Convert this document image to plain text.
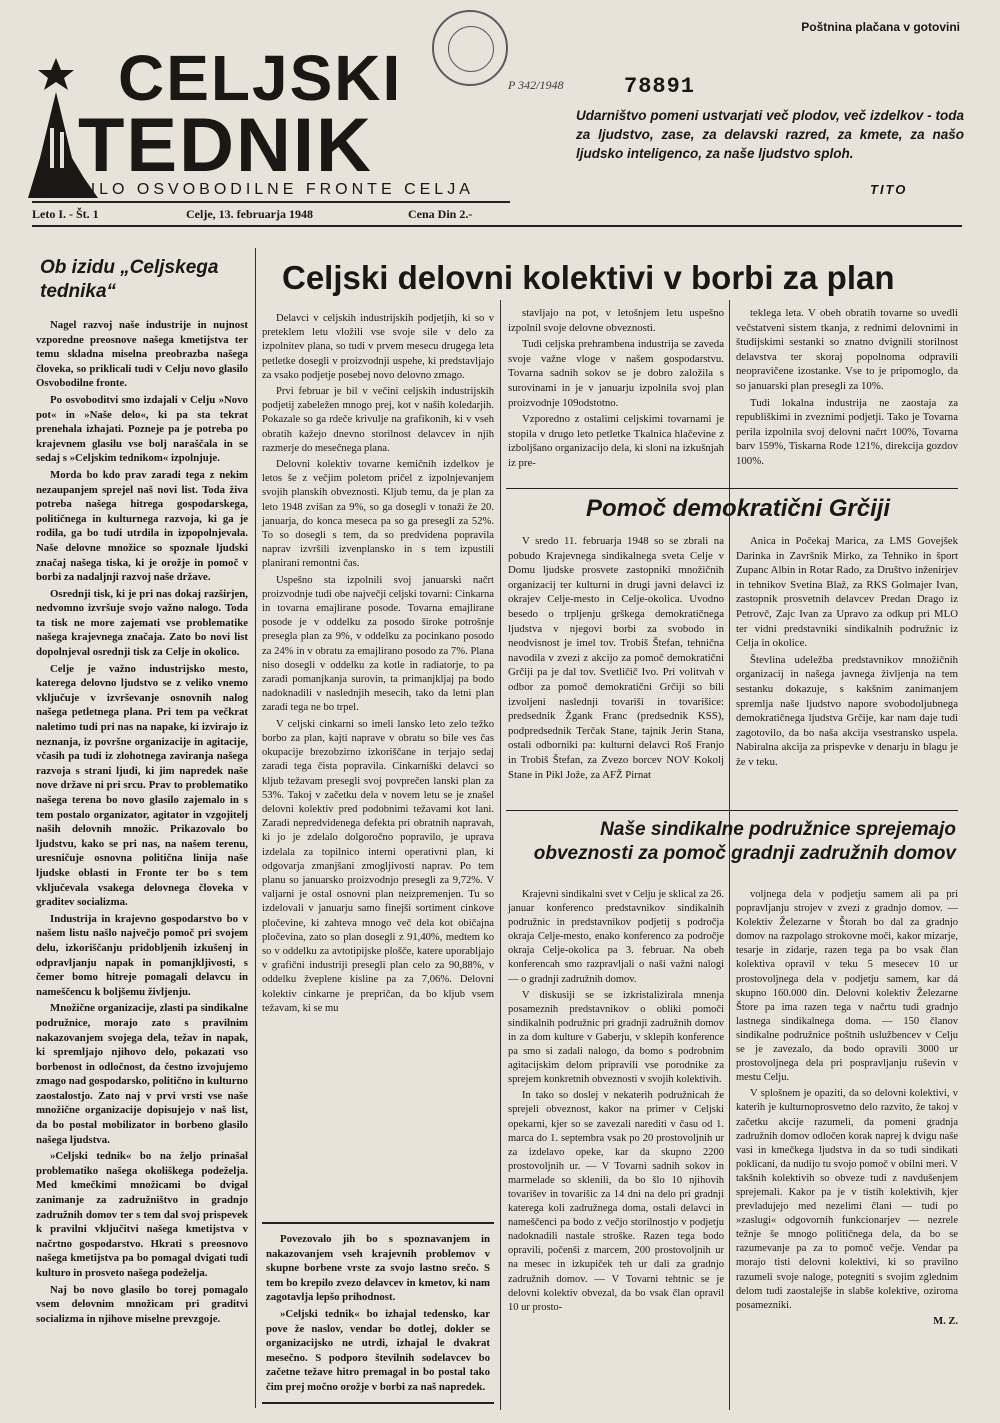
Poštnina plačana v gotovini
P 342/1948	78891
CELJSKI
TEDNIK
GLASILO OSVOBODILNE FRONTE CELJA
Udarništvo pomeni ustvarjati več plodov, več izdelkov - toda za ljudstvo, zase, za delavski razred, za kmete, za našo ljudsko inteligenco, za naše ljudstvo sploh.
TITO
Leto I. - Št. 1	Celje, 13. februarja 1948	Cena Din 2.-
Ob izidu „Celjskega tednika“

Nagel razvoj naše industrije in nujnost vzporedne preosnove našega kmetijstva ter temu skladna miselna preobrazba našega človeka, so priklicali tudi v Celju novo glasilo Osvobodilne fronte.

Po osvoboditvi smo izdajali v Celju »Novo pot« in »Naše delo«, ki pa sta tekrat prenehala izhajati. Pozneje pa je potreba po krajevnem glasilu vse bolj naraščala in se sedaj s »Celjskim tednikom« izpolnjuje.

Morda bo kdo prav zaradi tega z nekim nezaupanjem sprejel naš novi list. Toda živa potreba našega hitrega gospodarskega, političnega in kulturnega razvoja, ki ga je rodila, ga bo tudi utrdila in izpopolnjevala. Naše delovne množice so spoznale ljudski značaj našega tiska, ki je orožje in pomoč v borbi za nadaljnji razvoj naše države.

Osrednji tisk, ki je pri nas dokaj razširjen, nedvomno izvršuje svojo važno nalogo. Toda ta tisk ne more zajemati vse problematike našega krajevnega značaja. Zato bo novi list dopolnjeval osrednji tisk za Celje in okolico.

Celje je važno industrijsko mesto, katerega delovno ljudstvo se z veliko vnemo vključuje v izvrševanje osnovnih nalog našega petletnega plana. Pri tem pa večkrat naletimo tudi pri nas na napake, ki izvirajo iz neznanja, iz površne organizacije in agitacije, včasih pa tudi iz zlohotnega zaviranja našega razvoja s strani ljudi, ki jim napredek naše nove države ni pri srcu. Prav to problematiko našega terena bo novo glasilo zajemalo in s tem postalo organizator, agitator in vzgojitelj naših delovnih množic. Prikazovalo bo ljudstvu, kako se pri nas, na našem terenu, uresničuje osnovna politična linija naše ljudske oblasti in Fronte ter bo s tem vključevala vsakega delovnega človeka v graditev socializma.

Industrija in krajevno gospodarstvo bo v našem listu našlo največjo pomoč pri svojem delu, izkoriščanju pridobljenih izkušenj in odpravljanju napak in pomanjkljivosti, s čemer bomo hitreje pomagali delavcu in nameščencu k boljšemu življenju.

Množične organizacije, zlasti pa sindikalne podružnice, morajo zato s pravilnim nakazovanjem svojega dela, težav in napak, ki spremljajo njihovo delo, pokazati vso borbenost in odločnost, da čestno izvojujemo zmago nad gospodarsko, politično in kulturno zaostalostjo. Zato naj v prvi vrsti vse naše množične organizacije dopisujejo v naš list, da bo postal mobilizator in borbeno glasilo našega ljudstva.

»Celjski tednik« bo na željo prinašal problematiko našega okoliškega podeželja. Med kmečkimi množicami bo dvigal zanimanje za zadružništvo in gradnjo zadružnih domov ter s tem dal svoj prispevek k pravilni vključitvi našega kmetijstva v načrtno gospodarstvo. Hkrati s preosnovo našega kmetijstva pa bo pomagal dvigati tudi kulturo in prosveto našega podeželja.

Naj bo novo glasilo bo torej pomagalo vsem delovnim množicam pri graditvi socializma in njihove miselne prevzgoje.

Celjski delovni kolektivi v borbi za plan

Delavci v celjskih industrijskih podjetjih, ki so v preteklem letu vložili vse svoje sile v delo za izpolnitev plana, so tudi v prvem mesecu drugega leta petletke dosegli v proizvodnji uspehe, ki predstavljajo za vsako podjetje posebej novo delovno zmago.

Prvi februar je bil v večini celjskih industrijskih podjetij zabeležen mnogo prej, kot v naših koledarjih. Pokazale so ga rdeče krivulje na grafikonih, ki v vseh obratih kažejo dnevno storilnost delavcev in njih razmerje do mesečnega plana.

Delovni kolektiv tovarne kemičnih izdelkov je letos še z večjim poletom pričel z izpolnjevanjem svojih planskih obveznosti. Kljub temu, da je plan za leto 1948 zvišan za 9%, so ga dosegli v tonaži že 20. januarja, do konca meseca pa so ga presegli za 52%. To so dosegli s tem, da so predvidena popravila naprav izvršili izvenplansko in s tem izpustili planirani remontni čas.

Uspešno sta izpolnili svoj januarski načrt proizvodnje tudi obe največji celjski tovarni: Cinkarna in tovarna emajlirane posode. Tovarna emajlirane posode je v oddelku za posodo široke potrošnje presegla plan za 9%, v oddelku za pocinkano posodo za 24% in v obratu za emajlirano posodo za 7%. Plana niso dosegli v oddelku za kotle in radiatorje, to pa zaradi pomanjkanja surovin, ta primanjkljaj pa bodo nadoknadili v naslednjih mesecih, tako da letni plan zaradi tega ne bo trpel.

V celjski cinkarni so imeli lansko leto zelo težko borbo za plan, kajti naprave v obratu so bile ves čas okupacije brezobzirno izkoriščane in terjajo sedaj zaradi tega čista popravila. Cinkarniški delavci so kljub težavam presegli svoj povprečen lanski plan za 53%. Takoj v začetku dela v novem letu se je znašel delovni kolektiv pred podobnimi težavami kot lani. Zaradi nepredvidenega defekta pri obratnih napravah, ki jo je zdelalo dolgoročno popravilo, je uprava izdelala za topilnico interni operativni plan, ki odgovarja zmanjšani zmogljivosti naprav. Po tem planu so januarsko proizvodnjo presegli za 9,72%. V valjarni je ostal osnovni plan neizpremenjen. Tu so izdelovali v januarju samo finejši sortiment cinkove pločevine, ki zahteva mnogo več dela kot običajna pločevina, zato so plan dosegli z 91,40%, medtem ko so v oddelku za avtotipijske plošče, katere uporabljajo v grafični industriji presegli plan celo za 90,88%, v oddelku žveplene kisline pa za 7,06%. Delovni kolektiv cinkarne je prepričan, da bo kljub vsem težavam, ki se mu

stavljajo na pot, v letošnjem letu uspešno izpolnil svoje delovne obveznosti.

Tudi celjska prehrambena industrija se zaveda svoje važne vloge v našem gospodarstvu. Tovarna sadnih sokov se je dobro založila s surovinami in je v januarju izpolnila svoj plan proizvodnje 109odstotno.

Vzporedno z ostalimi celjskimi tovarnami je stopila v drugo leto petletke Tkalnica hlačevine z izboljšano organizacijo dela, ki sloni na izkušnjah iz pre-

teklega leta. V obeh obratih tovarne so uvedli večstatveni sistem tkanja, z rednimi delovnimi in študijskimi sestanki so znatno dvignili storilnost delavstva ter skoraj popolnoma odpravili neopravičene izostanke. Vse to je pripomoglo, da so januarski plan presegli za 10%.

Tudi lokalna industrija ne zaostaja za republiškimi in zveznimi podjetji. Tako je Tovarna perila izpolnila svoj delovni načrt 100%, Tovarna barv 159%, Tiskarna Rode 121%, direkcija gozdov 100%.

Pomoč demokratični Grčiji

V sredo 11. februarja 1948 so se zbrali na pobudo Krajevnega sindikalnega sveta Celje v Domu ljudske prosvete zastopniki množičnih organizacij ter kulturni in drugi javni delavci iz okrajev Celje-mesto in Celje-okolica. Uvodno besedo o trpljenju grškega demokratičnega ljudstva v njegovi borbi za svobodo in neodvisnost je imel tov. Trobiš Štefan, tehnična navodila v zvezi z akcijo za pomoč demokratični Grčiji pa je dal tov. Svetličič Ivo. Pri volitvah v odbor za pomoč demokratični Grčiji so bili izvoljeni naslednji tovariši in tovarišice: predsednik Žgank Franc (predsednik KSS), podpredsednik Terčak Stane, tajnik Jerin Stana, ostali odborniki pa: kulturni delavci Roš Franjo in Trobiš Štefan, za Zvezo borcev NOV Kokolj Stane in Pikl Jože, za AFŽ Pirnat

Anica in Počekaj Marica, za LMS Govejšek Darinka in Završnik Mirko, za Tehniko in šport Zupanc Albin in Rotar Rado, za Društvo inženirjev in tehnikov Svetina Blaž, za RKS Golmajer Ivan, zastopnik prosvetnih delavcev Predan Drago iz Petrovč, Zajc Ivan za Upravo za odkup pri MLO ter vidni predstavniki sindikalnih podružnic iz Celja in okolice.

Števlina udeležba predstavnikov množičnih organizacij in našega javnega življenja na tem sestanku dokazuje, s kakšnim zanimanjem spremlja naše ljudstvo napore svobodoljubnega demokratičnega ljudstva Grčije, kar nam daje tudi zagotovilo, da bo naša akcija vsestransko uspela. Nabiralna akcija za prispevke v denarju in blagu je že v teku.

Naše sindikalne podružnice sprejemajo obveznosti za pomoč gradnji zadružnih domov

Krajevni sindikalni svet v Celju je sklical za 26. januar konferenco predstavnikov sindikalnih podružnic in predstavnikov podjetij s področja okraja Celje-mesto, enako konferenco za področje okraja Celje-okolica pa 3. februar. Na obeh konferencah smo razpravljali o naši važni nalogi — o gradnji zadružnih domov.

V diskusiji se se izkristalizirala mnenja posameznih predstavnikov o obliki pomoči sindikalnih podružnic pri gradnji zadružnih domov in za dom kulture v Gaberju, v sklepih konference pa smo si zadali nalogo, da bomo s podrobnim agitacijskim delom pripravili vse porodnike za sprejem konkretnih obveznosti v svojih kolektivih.

In tako so doslej v nekaterih podružnicah že sprejeli obveznost, kakor na primer v Celjski opekarni, kjer so se zavezali narediti v času od 1. marca do 1. septembra vsak po 20 prostovoljnih ur za izdelavo opeke, kar da skupno 2200 prostovoljnih ur. — V Tovarni sadnih sokov in marmelade so sklenili, da bo šlo 10 njihovih tovarišev in tovarišic za 14 dni na delo pri gradnji katerega koli zadružnega doma, ostali delavci in nameščenci pa bodo z večjo storilnostjo v podjetju nadoknadili nastale stroške. Razen tega bodo opravili, počenši z marcem, 200 prostovoljnih ur na mesec in izkupiček teh ur dali za gradnjo zadružnih domov. — V Tovarni tehtnic se je delovni kolektiv obvezal, da bo vsak član opravil 10 ur prosto-

voljnega dela v podjetju samem ali pa pri popravljanju strojev v zvezi z gradnjo domov. — Kolektiv Železarne v Štorah bo dal za gradnjo domov na razpolago strokovne moči, kakor mizarje, tesarje in zidarje, razen tega pa bo vsak član kolektiva opravil v teku 5 mesecev 10 ur prostovoljnega dela v podjetju samem, kar dá skupno 160.000 din. Delovni kolektiv Železarne Štore pa ima razen tega v načrtu tudi gradnjo lastnega sindikalnega doma. — 150 članov sindikalne podružnice poštnih uslužbencev v Celju se je zavezalo, da bodo opravili 3000 ur prostovoljnega dela pri pospravljanju ruševin v mestu Celju.

V splošnem je opaziti, da so delovni kolektivi, v katerih je kulturnoprosvetno delo razvito, že takoj v začetku akcije razumeli, da pomeni gradnja zadružnih domov odločen korak naprej k dvigu naše vasi in kmečkega ljudstva in da so tudi sindikati poklicani, da nudijo tu svojo pomoč v obilni meri. V takšnih kolektivih so obveze tudi z navdušenjem sprejemali. Kakor pa je v tistih kolektivih, kjer prevladujejo med nezelimi člani — tudi po »zaslugi« odgovornih funkcionarjev — nezrele težnje še mnogo političnega dela, da bo se razumevanje pa za to pomoč večje. Vendar pa morajo tisti delovni kolektivi, ki so pravilno razumeli svoje naloge, potegniti s svojim zglednim delom tudi zaostalejše in slabše kolektive, oziroma posamezniki.

M. Z.

Povezovalo jih bo s spoznavanjem in nakazovanjem vseh krajevnih problemov v skupne borbene vrste za svojo lastno srečo. S tem bo krepilo zvezo delavcev in kmetov, ki nam zagotavlja lepšo prihodnost.

»Celjski tednik« bo izhajal tedensko, kar pove že naslov, vendar bo dotlej, dokler se organizacijsko ne utrdi, izhajal le dvakrat mesečno. S podporo številnih sodelavcev bo začetne težave hitro premagal in bo postal tako čim prej močno orožje v borbi za naš napredek.
